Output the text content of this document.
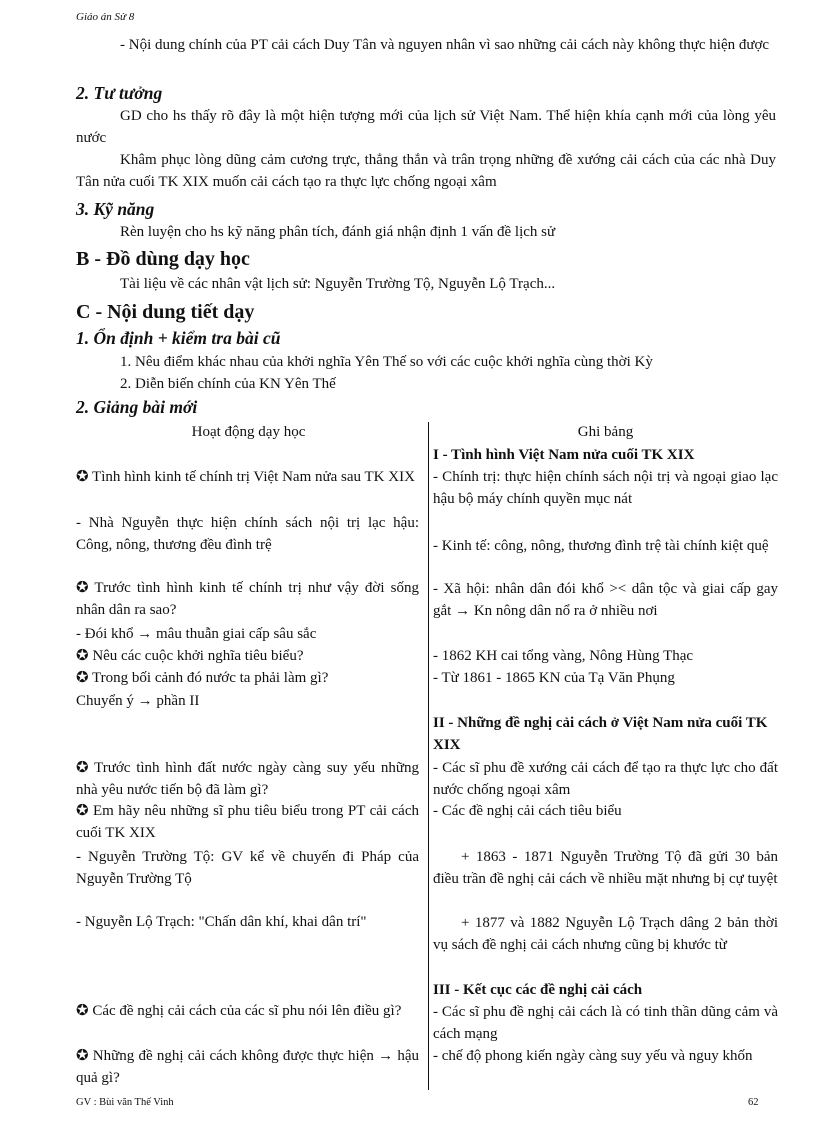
Giáo án Sử 8
- Nội dung chính của PT cải cách Duy Tân và nguyen nhân vì sao những cải cách này không thực hiện được
2. Tư tưởng
GD cho hs thấy rõ đây là một hiện tượng mới của lịch sử Việt Nam. Thể hiện khía cạnh mới của lòng yêu nước
Khâm phục lòng dũng cảm cương trực, thẳng thắn và trân trọng những đề xướng cải cách của các nhà Duy Tân nửa cuối TK XIX muốn cải cách tạo ra thực lực chống ngoại xâm
3. Kỹ năng
Rèn luyện cho hs kỹ năng phân tích, đánh giá nhận định 1 vấn đề lịch sử
B - Đồ dùng dạy học
Tài liệu về các nhân vật lịch sử: Nguyễn Trường Tộ, Nguyễn Lộ Trạch...
C - Nội dung tiết dạy
1. Ổn định + kiểm tra bài cũ
1. Nêu điểm khác nhau của khởi nghĩa Yên Thế so với các cuộc khởi nghĩa cùng thời Kỳ
2. Diễn biến chính của KN Yên Thế
2. Giảng bài mới
Hoạt động dạy học	Ghi bảng
✪ Tình hình kinh tế chính trị Việt Nam nửa sau TK XIX
- Nhà Nguyễn thực hiện chính sách nội trị lạc hậu: Công, nông, thương đều đình trệ
✪ Trước tình hình kinh tế chính trị như vậy đời sống nhân dân ra sao?
- Đói khổ → mâu thuẫn giai cấp sâu sắc
✪ Nêu các cuộc khởi nghĩa tiêu biểu?
✪ Trong bối cảnh đó nước ta phải làm gì?
Chuyển ý → phần II
✪ Trước tình hình đất nước ngày càng suy yếu những nhà yêu nước tiến bộ đã làm gì?
✪ Em hãy nêu những sĩ phu tiêu biểu trong PT cải cách cuối TK XIX
- Nguyễn Trường Tộ: GV kể về chuyến đi Pháp của Nguyễn Trường Tộ
- Nguyễn Lộ Trạch: "Chấn dân khí, khai dân trí"
✪ Các đề nghị cải cách của các sĩ phu nói lên điều gì?
✪ Những đề nghị cải cách không được thực hiện → hậu quả gì?
I - Tình hình Việt Nam nửa cuối TK XIX
- Chính trị: thực hiện chính sách nội trị và ngoại giao lạc hậu bộ máy chính quyền mục nát
- Kinh tế: công, nông, thương đình trệ tài chính kiệt quệ
- Xã hội: nhân dân đói khổ >< dân tộc và giai cấp gay gắt → Kn nông dân nổ ra ở nhiều nơi
- 1862 KH cai tổng vàng, Nông Hùng Thạc
- Từ 1861 - 1865 KN của Tạ Văn Phụng
II - Những đề nghị cải cách ở Việt Nam nửa cuối TK XIX
- Các sĩ phu đề xướng cải cách để tạo ra thực lực cho đất nước chống ngoại xâm
- Các đề nghị cải cách tiêu biểu
+ 1863 - 1871 Nguyễn Trường Tộ đã gửi 30 bản điều trần đề nghị cải cách về nhiều mặt nhưng bị cự tuyệt
+ 1877 và 1882 Nguyễn Lộ Trạch dâng 2 bản thời vụ sách đề nghị cải cách nhưng cũng bị khước từ
III - Kết cục các đề nghị cải cách
- Các sĩ phu đề nghị cải cách là có tinh thần dũng cảm và cách mạng
- chế độ phong kiến ngày càng suy yếu và nguy khốn
GV : Bùi văn Thế Vinh	62
